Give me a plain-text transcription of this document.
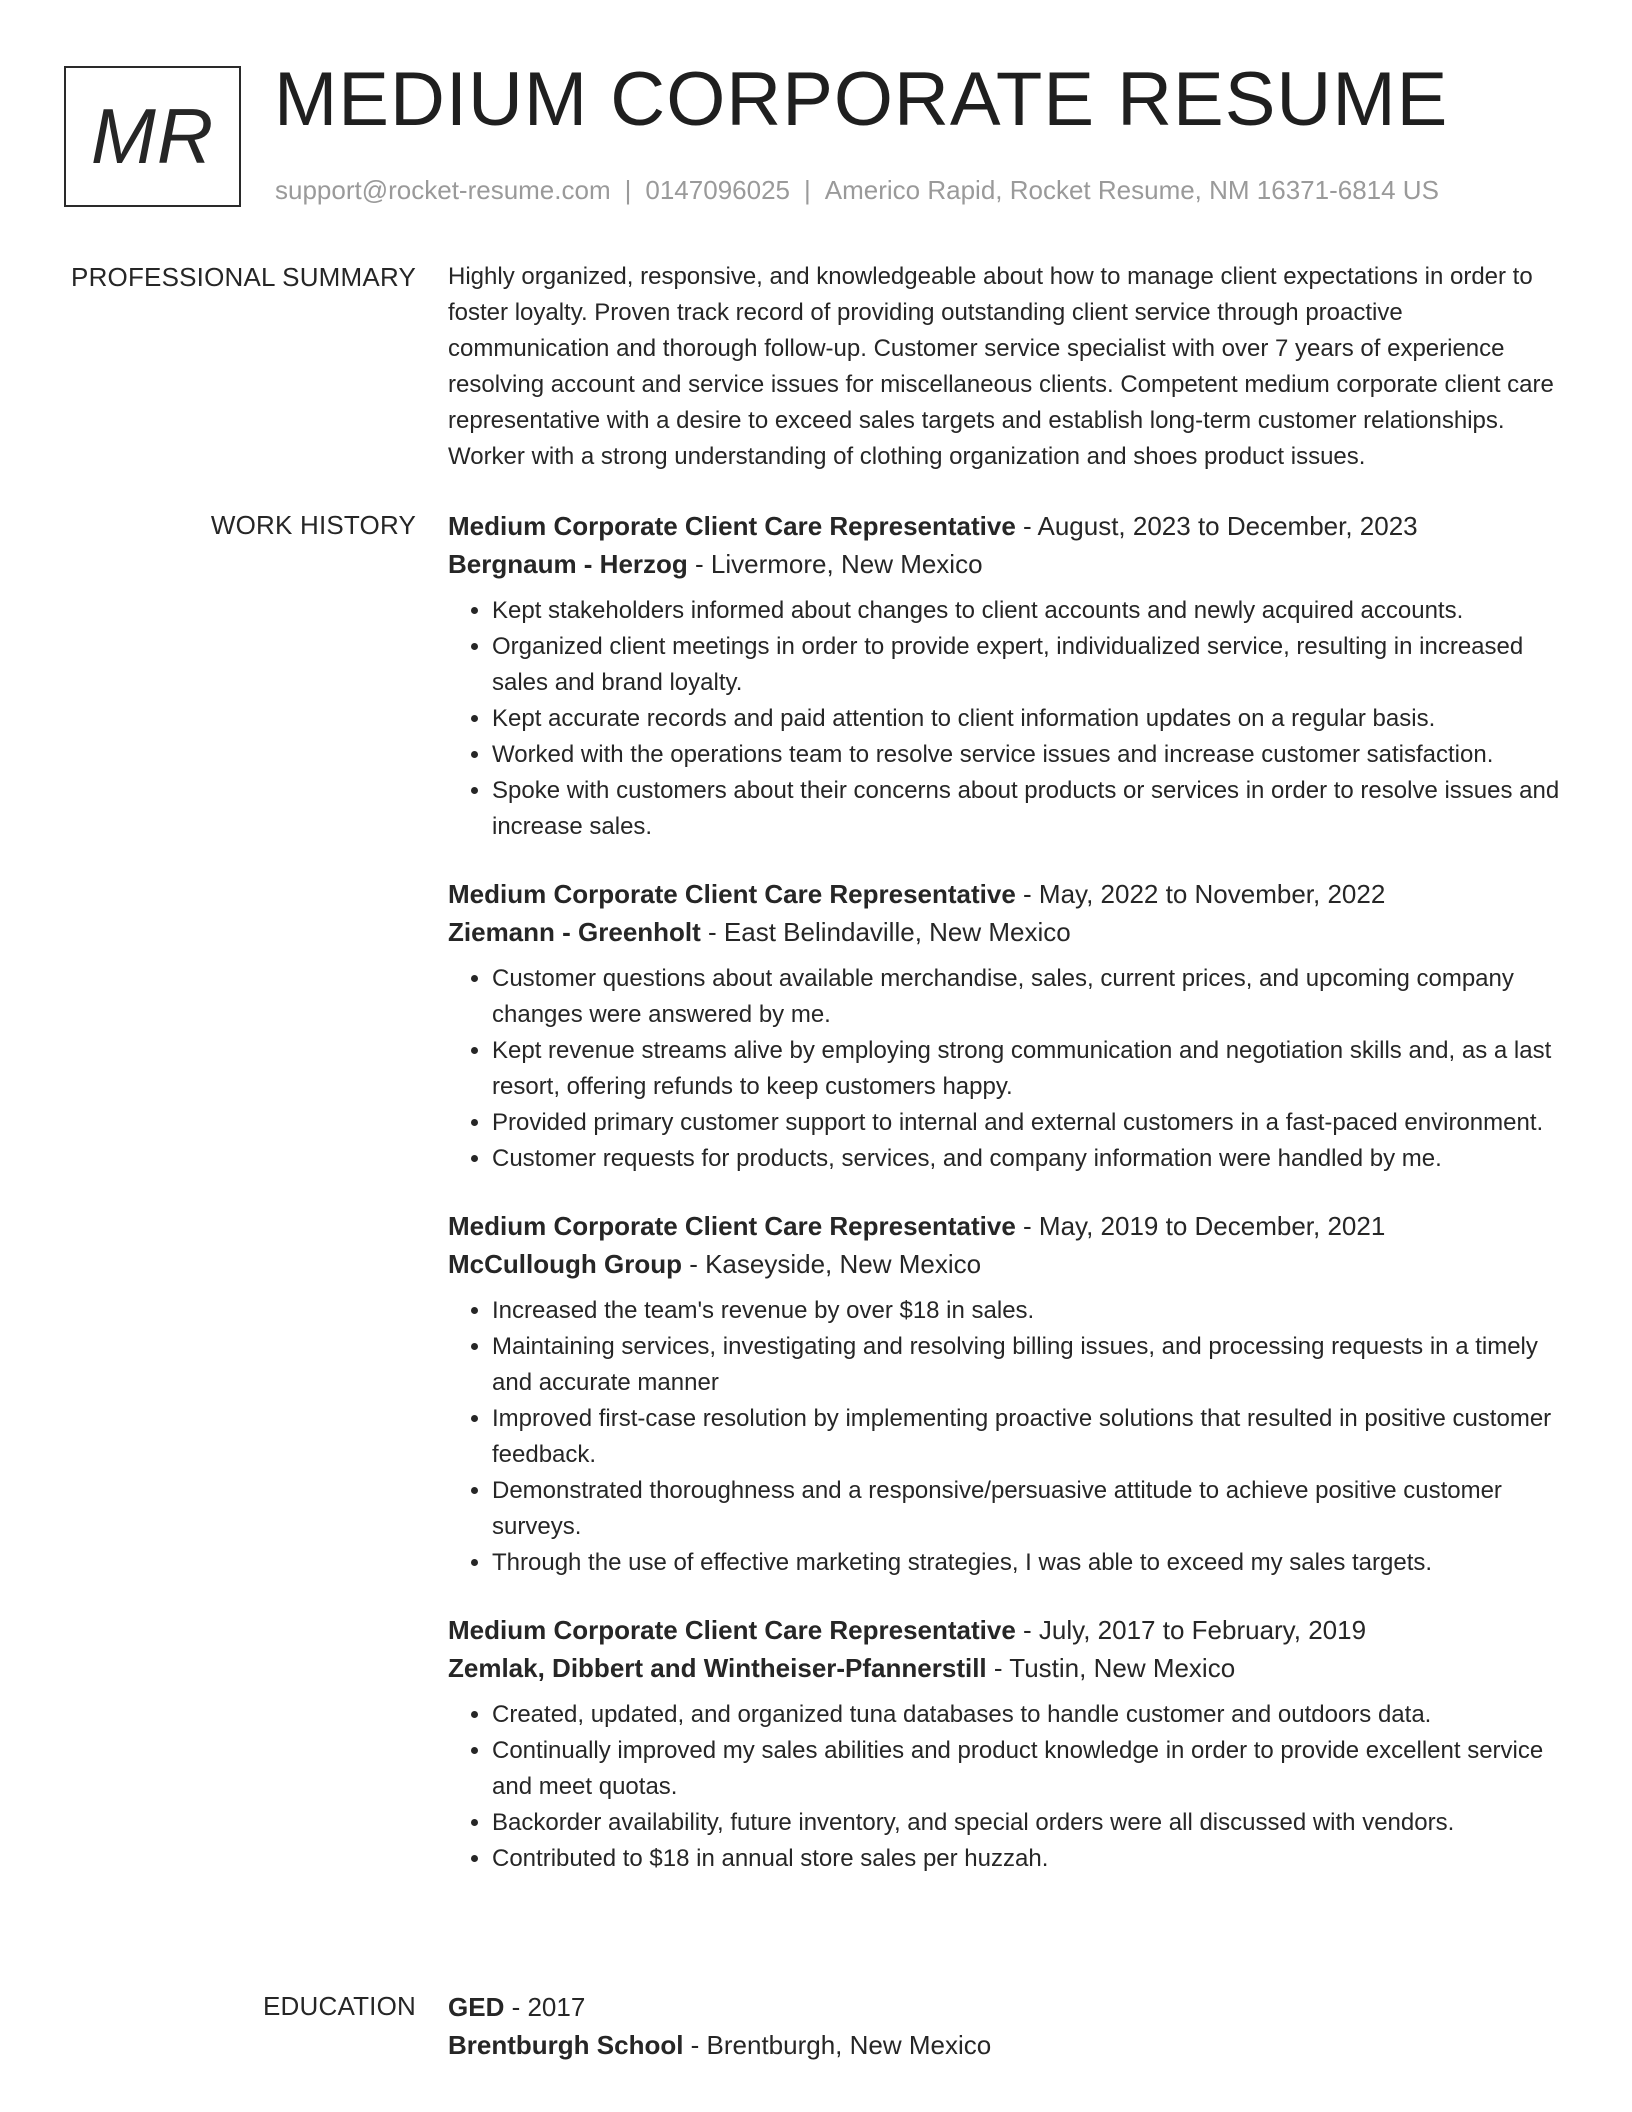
MR MEDIUM CORPORATE RESUME
support@rocket-resume.com | 0147096025 | Americo Rapid, Rocket Resume, NM 16371-6814 US
PROFESSIONAL SUMMARY Highly organized, responsive, and knowledgeable about how to manage client expectations in order to foster loyalty. Proven track record of providing outstanding client service through proactive communication and thorough follow-up. Customer service specialist with over 7 years of experience resolving account and service issues for miscellaneous clients. Competent medium corporate client care representative with a desire to exceed sales targets and establish long-term customer relationships. Worker with a strong understanding of clothing organization and shoes product issues.

WORK HISTORY Medium Corporate Client Care Representative - August, 2023 to December, 2023
Bergnaum - Herzog - Livermore, New Mexico
• Kept stakeholders informed about changes to client accounts and newly acquired accounts.
• Organized client meetings in order to provide expert, individualized service, resulting in increased sales and brand loyalty.
• Kept accurate records and paid attention to client information updates on a regular basis.
• Worked with the operations team to resolve service issues and increase customer satisfaction.
• Spoke with customers about their concerns about products or services in order to resolve issues and increase sales.
Medium Corporate Client Care Representative - May, 2022 to November, 2022
Ziemann - Greenholt - East Belindaville, New Mexico
• Customer questions about available merchandise, sales, current prices, and upcoming company changes were answered by me.
• Kept revenue streams alive by employing strong communication and negotiation skills and, as a last resort, offering refunds to keep customers happy.
• Provided primary customer support to internal and external customers in a fast-paced environment.
• Customer requests for products, services, and company information were handled by me.
Medium Corporate Client Care Representative - May, 2019 to December, 2021
McCullough Group - Kaseyside, New Mexico
• Increased the team's revenue by over $18 in sales.
• Maintaining services, investigating and resolving billing issues, and processing requests in a timely and accurate manner
• Improved first-case resolution by implementing proactive solutions that resulted in positive customer feedback.
• Demonstrated thoroughness and a responsive/persuasive attitude to achieve positive customer surveys.
• Through the use of effective marketing strategies, I was able to exceed my sales targets.
Medium Corporate Client Care Representative - July, 2017 to February, 2019
Zemlak, Dibbert and Wintheiser-Pfannerstill - Tustin, New Mexico
• Created, updated, and organized tuna databases to handle customer and outdoors data.
• Continually improved my sales abilities and product knowledge in order to provide excellent service and meet quotas.
• Backorder availability, future inventory, and special orders were all discussed with vendors.
• Contributed to $18 in annual store sales per huzzah.
EDUCATION GED - 2017
Brentburgh School - Brentburgh, New Mexico
